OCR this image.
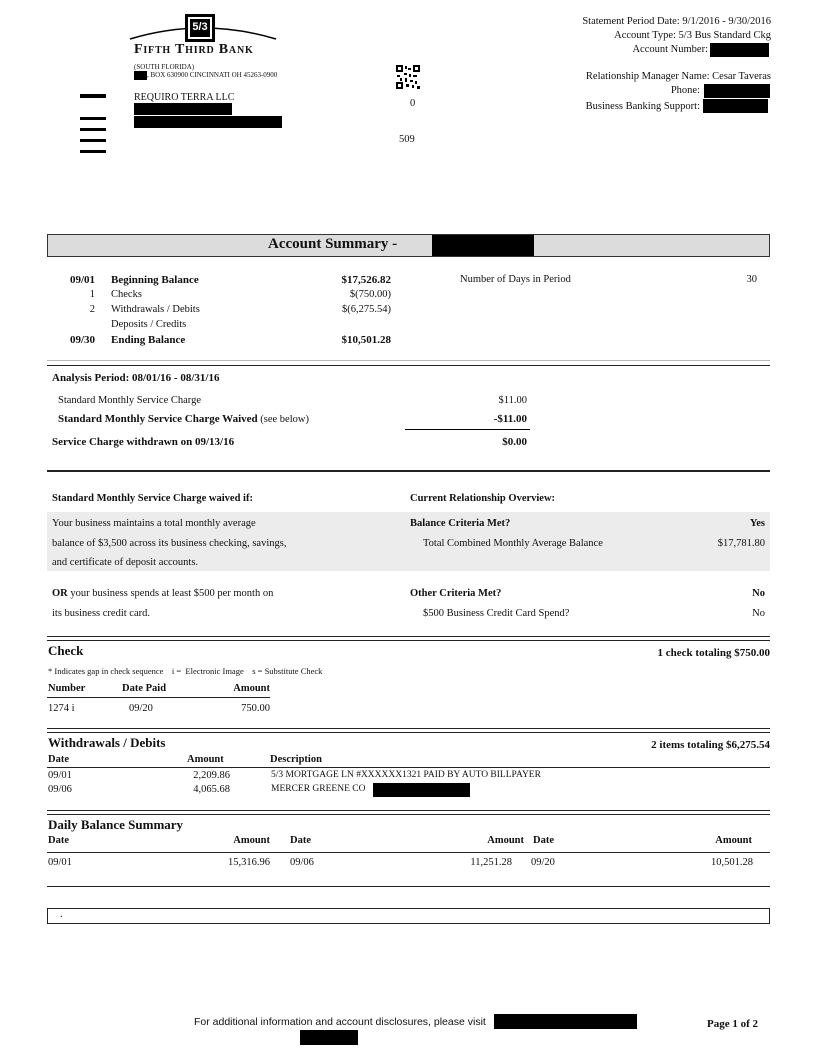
5/3
Fifth Third Bank
(SOUTH FLORIDA)
, BOX 630900 CINCINNATI OH 45263-0900
REQUIRO TERRA LLC
0
509
Statement Period Date: 9/1/2016 - 9/30/2016
Account Type: 5/3 Bus Standard Ckg
Account Number:
Relationship Manager Name: Cesar Taveras
Phone:
Business Banking Support:
Account Summary -
09/01 Beginning Balance	$17,526.82
1 Checks	$(750.00)
2 Withdrawals / Debits	$(6,275.54)
Deposits / Credits
09/30 Ending Balance	$10,501.28
Number of Days in Period	30
Analysis Period: 08/01/16 - 08/31/16
Standard Monthly Service Charge	$11.00
Standard Monthly Service Charge Waived (see below)	-$11.00
Service Charge withdrawn on 09/13/16	$0.00
Standard Monthly Service Charge waived if:	Current Relationship Overview:
Your business maintains a total monthly average
balance of $3,500 across its business checking, savings,
and certificate of deposit accounts.
Balance Criteria Met?	Yes
Total Combined Monthly Average Balance	$17,781.80
OR your business spends at least $500 per month on
its business credit card.
Other Criteria Met?	No
$500 Business Credit Card Spend?	No
Check	1 check totaling $750.00
* Indicates gap in check sequence    i =  Electronic Image    s = Substitute Check
Number	Date Paid	Amount
1274 i	09/20	750.00
Withdrawals / Debits	2 items totaling $6,275.54
Date	Amount	Description
09/01	2,209.86	5/3 MORTGAGE LN #XXXXXX1321 PAID BY AUTO BILLPAYER
09/06	4,065.68	MERCER GREENE CO
Daily Balance Summary
Date	Amount Date	Amount Date	Amount
09/01	15,316.96 09/06	11,251.28 09/20	10,501.28
.
For additional information and account disclosures, please visit	Page 1 of 2
